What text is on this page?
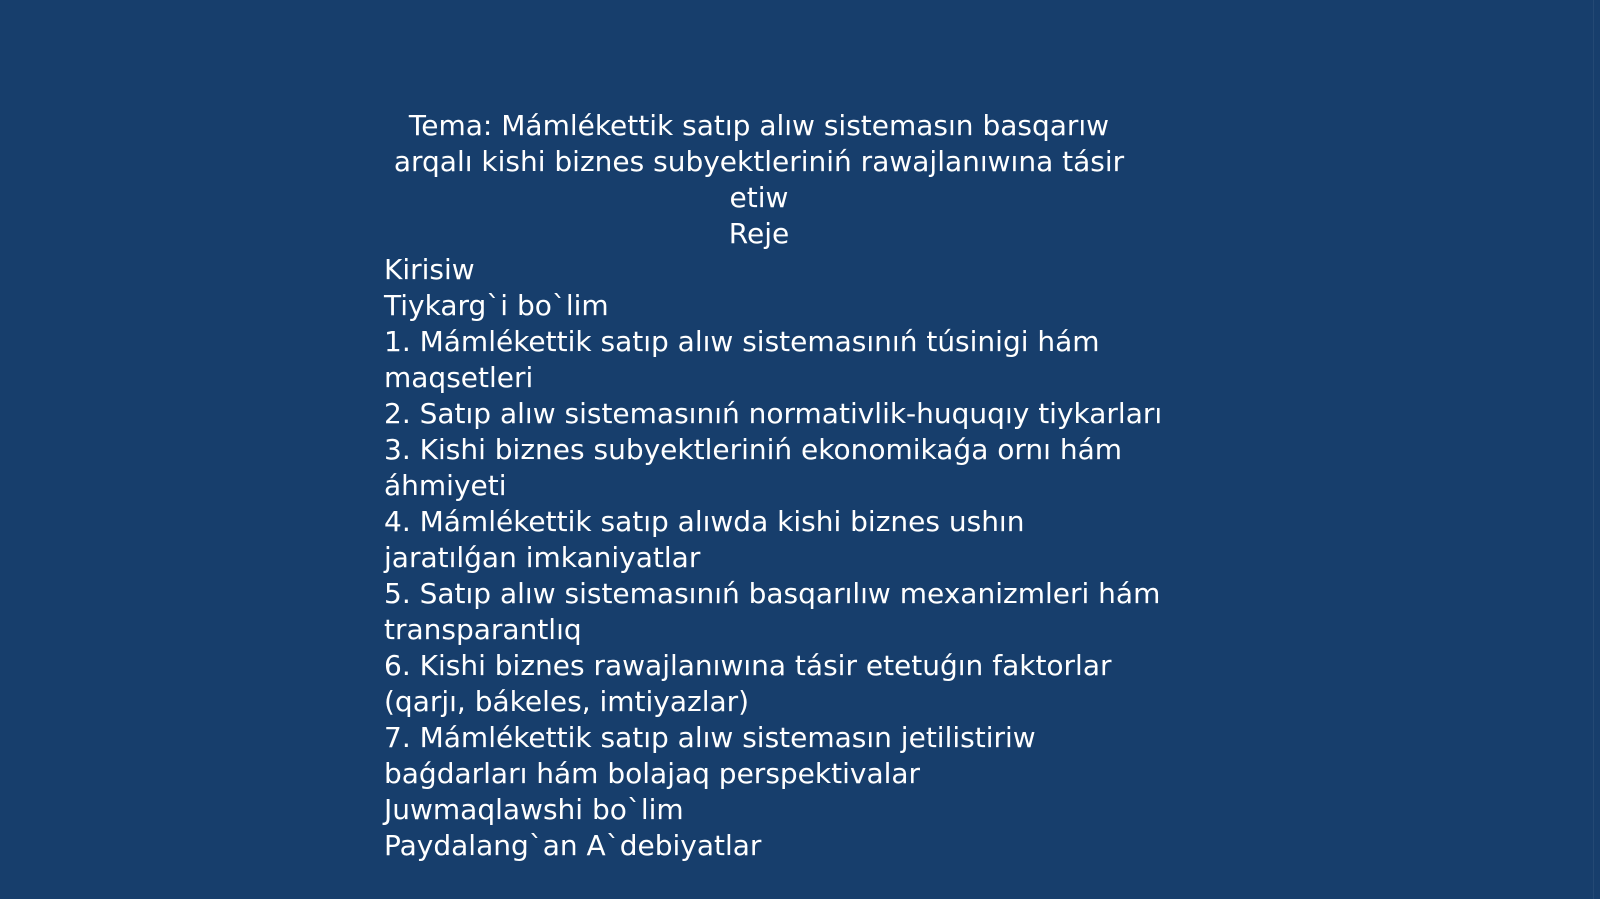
Tema: Mámlékettik satıp alıw sistemasın basqarıw
arqalı kishi biznes subyektleriniń rawajlanıwına tásir
etiw
Reje
Kirisiw
Tiykarg`i bo`lim
1. Mámlékettik satıp alıw sistemasınıń túsinigi hám maqsetleri
2. Satıp alıw sistemasınıń normativlik-huquqıy tiykarları
3. Kishi biznes subyektleriniń ekonomikaǵa ornı hám áhmiyeti
4. Mámlékettik satıp alıwda kishi biznes ushın jaratılǵan imkaniyatlar
5. Satıp alıw sistemasınıń basqarılıw mexanizmleri hám transparantlıq
6. Kishi biznes rawajlanıwına tásir etetuǵın faktorlar (qarjı, bákeles, imtiyazlar)
7. Mámlékettik satıp alıw sistemasın jetilistiriw baǵdarları hám bolajaq perspektivalar
Juwmaqlawshi bo`lim
Paydalang`an A`debiyatlar
